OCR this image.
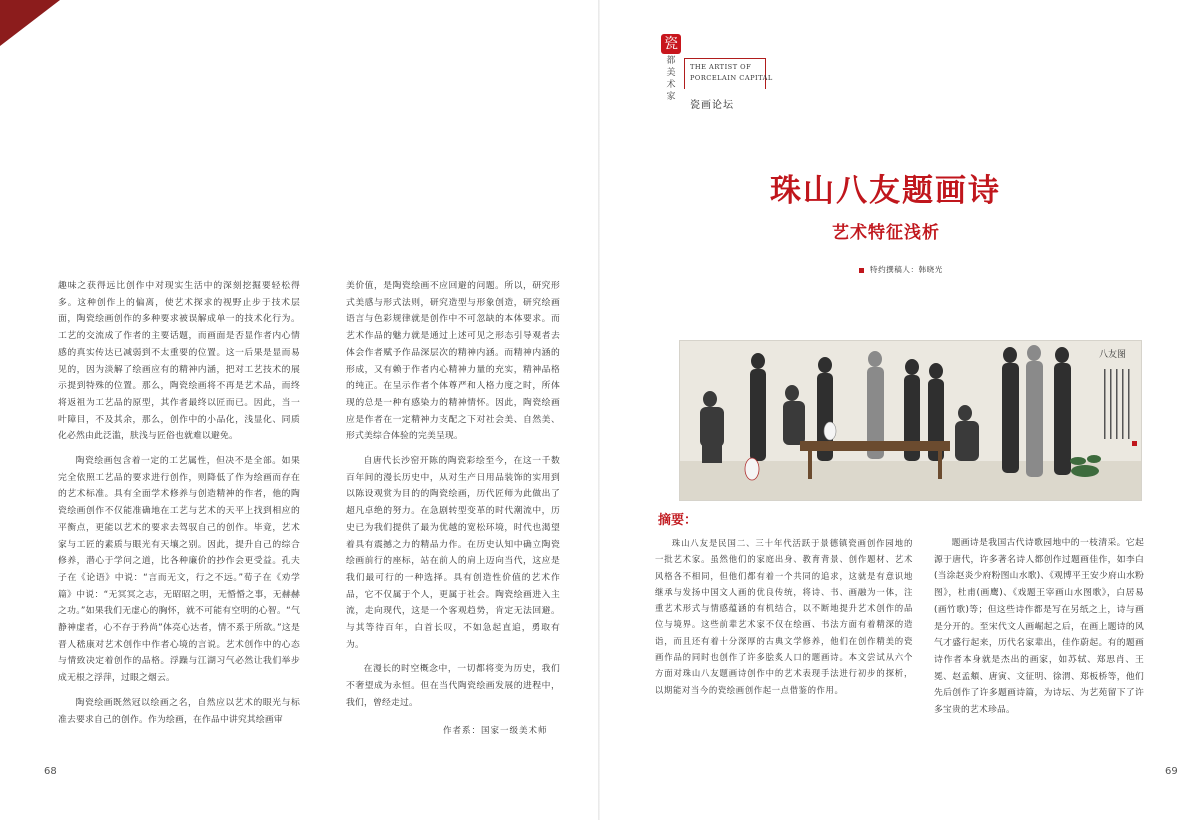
趣味之获得远比创作中对现实生活中的深刻挖掘要轻松得多。这种创作上的偏离，使艺术探求的视野止步于技术层面，陶瓷绘画创作的多种要求被误解成单一的技术化行为。工艺的交流成了作者的主要话题，而画面是否显作者内心情感的真实传达已减弱到不太重要的位置。这一后果是显而易见的，因为淡解了绘画应有的精神内涵，把对工艺技术的展示提到特殊的位置。那么，陶瓷绘画将不再是艺术品，而终将返祖为工艺品的原型，其作者最终以匠而已。因此，当一叶障目，不及其余，那么，创作中的小品化，浅显化、同质化必然由此泛滥，肤浅与匠俗也就难以避免。

陶瓷绘画包含着一定的工艺属性，但决不是全部。如果完全依照工艺品的要求进行创作，则降低了作为绘画而存在的艺术标准。具有全面学术修养与创造精神的作者，他的陶瓷绘画创作不仅能准确地在工艺与艺术的天平上找到相应的平衡点，更能以艺术的要求去驾驭自己的创作。毕竟，艺术家与工匠的素质与眼光有天壤之别。因此，提升自己的综合修养，潜心于学问之道，比各种廉价的抄作会更受益。孔夫子在《论语》中说：“言而无文，行之不远。”荀子在《劝学篇》中说：“无冥冥之志，无昭昭之明，无惛惛之事，无赫赫之功。”如果我们无虚心的胸怀，就不可能有空明的心智。“气静神虚者，心不存于矜尚”体亮心达者，情不系于所欲。”这是晋人嵇康对艺术创作中作者心境的言说。艺术创作中的心态与情致决定着创作的品格。浮躁与江湖习气必然让我们举步成无根之浮萍，过眼之烟云。

陶瓷绘画既然冠以绘画之名，自然应以艺术的眼光与标准去要求自己的创作。作为绘画，在作品中讲究其绘画审

美价值，是陶瓷绘画不应回避的问题。所以，研究形式美感与形式法则，研究造型与形象创造，研究绘画语言与色彩规律就是创作中不可忽缺的本体要求。而艺术作品的魅力就是通过上述可见之形态引导观者去体会作者赋予作品深层次的精神内涵。而精神内涵的形成，又有赖于作者内心精神力量的充实，精神品格的纯正。在呈示作者个体尊严和人格力度之时，所体现的总是一种有感染力的精神情怀。因此，陶瓷绘画应是作者在一定精神力支配之下对社会美、自然美、形式美综合体验的完美呈现。

自唐代长沙窑开陈的陶瓷彩绘至今，在这一千数百年间的漫长历史中，从对生产日用品装饰的实用到以陈设观赏为目的的陶瓷绘画，历代匠师为此做出了超凡卓绝的努力。在急剧转型变革的时代潮流中，历史已为我们提供了最为优越的宽松环境，时代也渴望着具有震撼之力的精品力作。在历史认知中确立陶瓷绘画前行的座标，站在前人的肩上迈向当代，这应是我们最可行的一种选择。具有创造性价值的艺术作品，它不仅属于个人，更属于社会。陶瓷绘画进入主流，走向现代，这是一个客观趋势，肯定无法回避。与其等待百年，白首长叹，不如急起直追，勇取有为。

在漫长的时空概念中，一切都将变为历史，我们不奢望成为永恒。但在当代陶瓷绘画发展的进程中，我们，曾经走过。

作者系：国家一级美术师
68
瓷
都美术家
THE ARTIST OF
PORCELAIN CAPITAL
瓷画论坛
珠山八友题画诗
艺术特征浅析
特约撰稿人：韩晓光
八友图
摘要：

珠山八友是民国二、三十年代活跃于景德镇瓷画创作园地的一批艺术家。虽然他们的家庭出身、教育背景、创作题材、艺术风格各不相同，但他们都有着一个共同的追求，这就是有意识地继承与发扬中国文人画的优良传统，将诗、书、画融为一体，注重艺术形式与情感蕴涵的有机结合，以不断地提升艺术创作的品位与境界。这些前辈艺术家不仅在绘画、书法方面有着精深的造诣，而且还有着十分深厚的古典文学修养，他们在创作精美的瓷画作品的同时也创作了许多脍炙人口的题画诗。本文尝试从六个方面对珠山八友题画诗创作中的艺术表现手法进行初步的探析，以期能对当今的瓷绘画创作起一点借鉴的作用。

题画诗是我国古代诗歌园地中的一枝清采。它起源于唐代，许多著名诗人都创作过题画佳作，如李白(当涂赵炎少府粉图山水歌)、《观博平王安少府山水粉图》，杜甫(画鹰)、《戏题王宰画山水图歌》，白居易(画竹歌)等；但这些诗作都是写在另纸之上，诗与画是分开的。至宋代文人画崛起之后，在画上题诗的风气才盛行起来，历代名家辈出，佳作蔚起。有的题画诗作者本身就是杰出的画家，如苏轼、郑思肖、王冕、赵孟頫、唐寅、文征明、徐渭、郑板桥等，他们先后创作了许多题画诗篇，为诗坛、为艺苑留下了许多宝贵的艺术珍品。

69
